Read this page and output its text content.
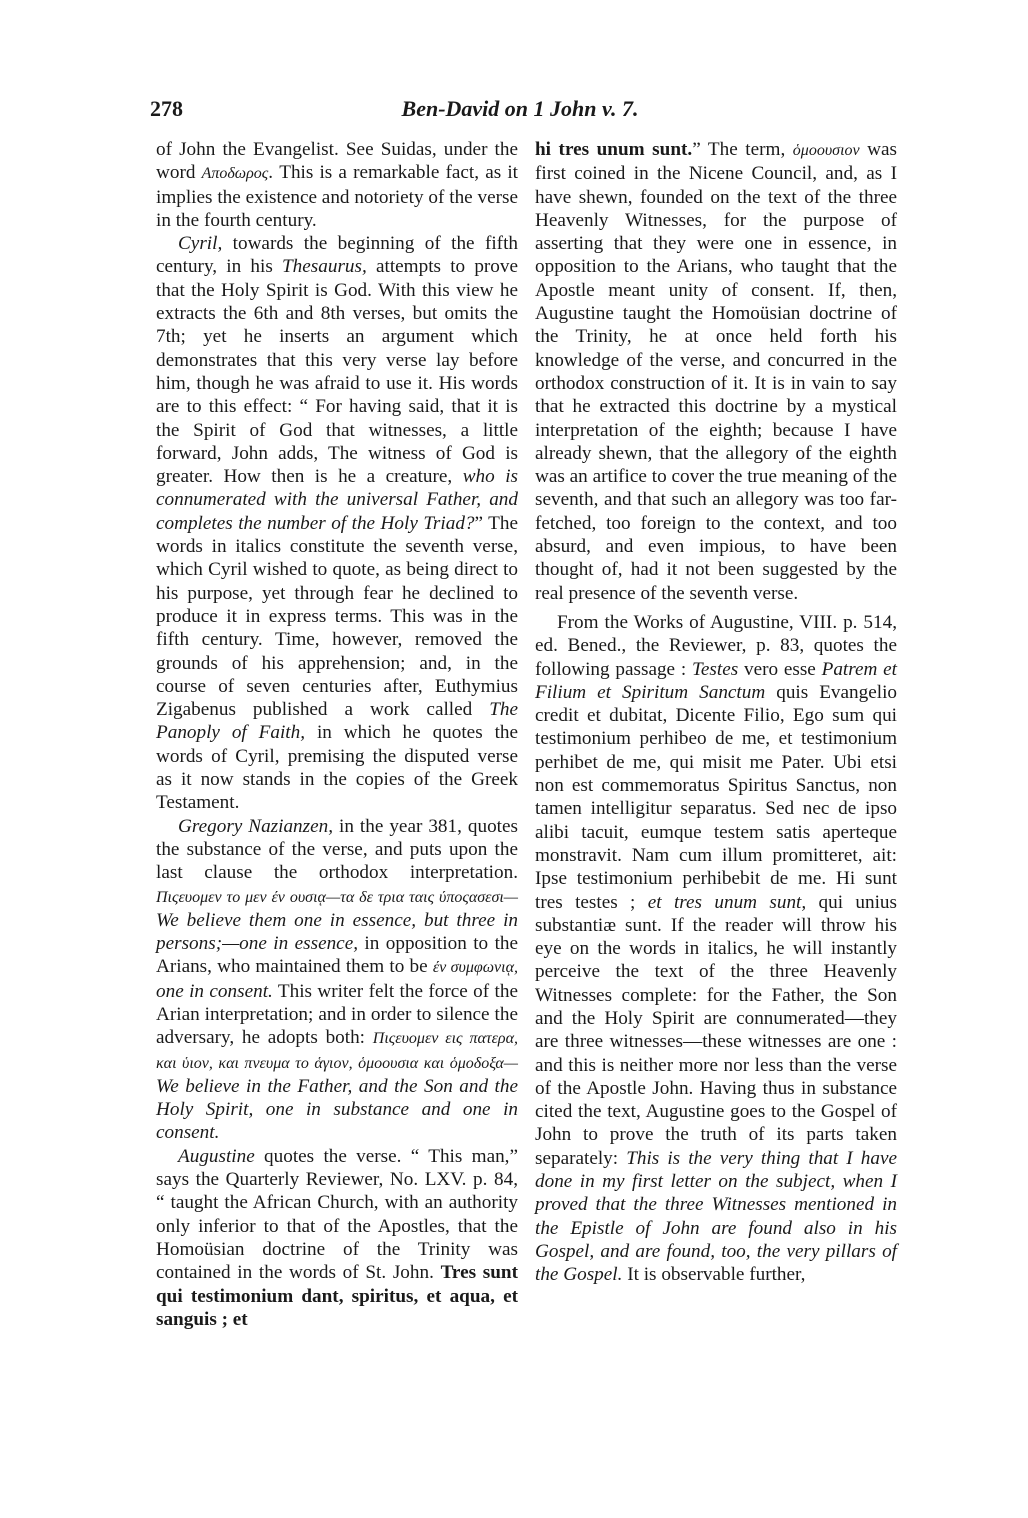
278	Ben-David on 1 John v. 7.

of John the Evangelist. See Suidas, under the word Αποδωρος. This is a remarkable fact, as it implies the existence and notoriety of the verse in the fourth century.

Cyril, towards the beginning of the fifth century, in his Thesaurus, attempts to prove that the Holy Spirit is God. With this view he extracts the 6th and 8th verses, but omits the 7th; yet he inserts an argument which demonstrates that this very verse lay before him, though he was afraid to use it. His words are to this effect: “ For having said, that it is the Spirit of God that witnesses, a little forward, John adds, The witness of God is greater. How then is he a creature, who is connumerated with the universal Father, and completes the number of the Holy Triad?” The words in italics constitute the seventh verse, which Cyril wished to quote, as being direct to his purpose, yet through fear he declined to produce it in express terms. This was in the fifth century. Time, however, removed the grounds of his apprehension; and, in the course of seven centuries after, Euthymius Zigabenus published a work called The Panoply of Faith, in which he quotes the words of Cyril, premising the disputed verse as it now stands in the copies of the Greek Testament.

Gregory Nazianzen, in the year 381, quotes the substance of the verse, and puts upon the last clause the orthodox interpretation. Πιςευομεν το μεν έν ουσιᾳ—τα δε τρια ταις ύποςασεσι— We believe them one in essence, but three in persons;—one in essence, in opposition to the Arians, who maintained them to be έν συμφωνιᾳ, one in consent. This writer felt the force of the Arian interpretation; and in order to silence the adversary, he adopts both: Πιςευομεν εις πατερα, και ὑιον, και πνευμα το ἁγιον, ὁμοουσια και ὁμοδοξα— We believe in the Father, and the Son and the Holy Spirit, one in substance and one in consent.

Augustine quotes the verse. “ This man,” says the Quarterly Reviewer, No. LXV. p. 84, “ taught the African Church, with an authority only inferior to that of the Apostles, that the Homoüsian doctrine of the Trinity was contained in the words of St. John. Tres sunt qui testimonium dant, spiritus, et aqua, et sanguis ; et

hi tres unum sunt.” The term, ὁμοουσιον was first coined in the Nicene Council, and, as I have shewn, founded on the text of the three Heavenly Witnesses, for the purpose of asserting that they were one in essence, in opposition to the Arians, who taught that the Apostle meant unity of consent. If, then, Augustine taught the Homoüsian doctrine of the Trinity, he at once held forth his knowledge of the verse, and concurred in the orthodox construction of it. It is in vain to say that he extracted this doctrine by a mystical interpretation of the eighth; because I have already shewn, that the allegory of the eighth was an artifice to cover the true meaning of the seventh, and that such an allegory was too far-fetched, too foreign to the context, and too absurd, and even impious, to have been thought of, had it not been suggested by the real presence of the seventh verse.

From the Works of Augustine, VIII. p. 514, ed. Bened., the Reviewer, p. 83, quotes the following passage : Testes vero esse Patrem et Filium et Spiritum Sanctum quis Evangelio credit et dubitat, Dicente Filio, Ego sum qui testimonium perhibeo de me, et testimonium perhibet de me, qui misit me Pater. Ubi etsi non est commemoratus Spiritus Sanctus, non tamen intelligitur separatus. Sed nec de ipso alibi tacuit, eumque testem satis aperteque monstravit. Nam cum illum promitteret, ait: Ipse testimonium perhibebit de me. Hi sunt tres testes ; et tres unum sunt, qui unius substantiæ sunt. If the reader will throw his eye on the words in italics, he will instantly perceive the text of the three Heavenly Witnesses complete: for the Father, the Son and the Holy Spirit are connumerated—they are three witnesses—these witnesses are one : and this is neither more nor less than the verse of the Apostle John. Having thus in substance cited the text, Augustine goes to the Gospel of John to prove the truth of its parts taken separately: This is the very thing that I have done in my first letter on the subject, when I proved that the three Witnesses mentioned in the Epistle of John are found also in his Gospel, and are found, too, the very pillars of the Gospel. It is observable further,
